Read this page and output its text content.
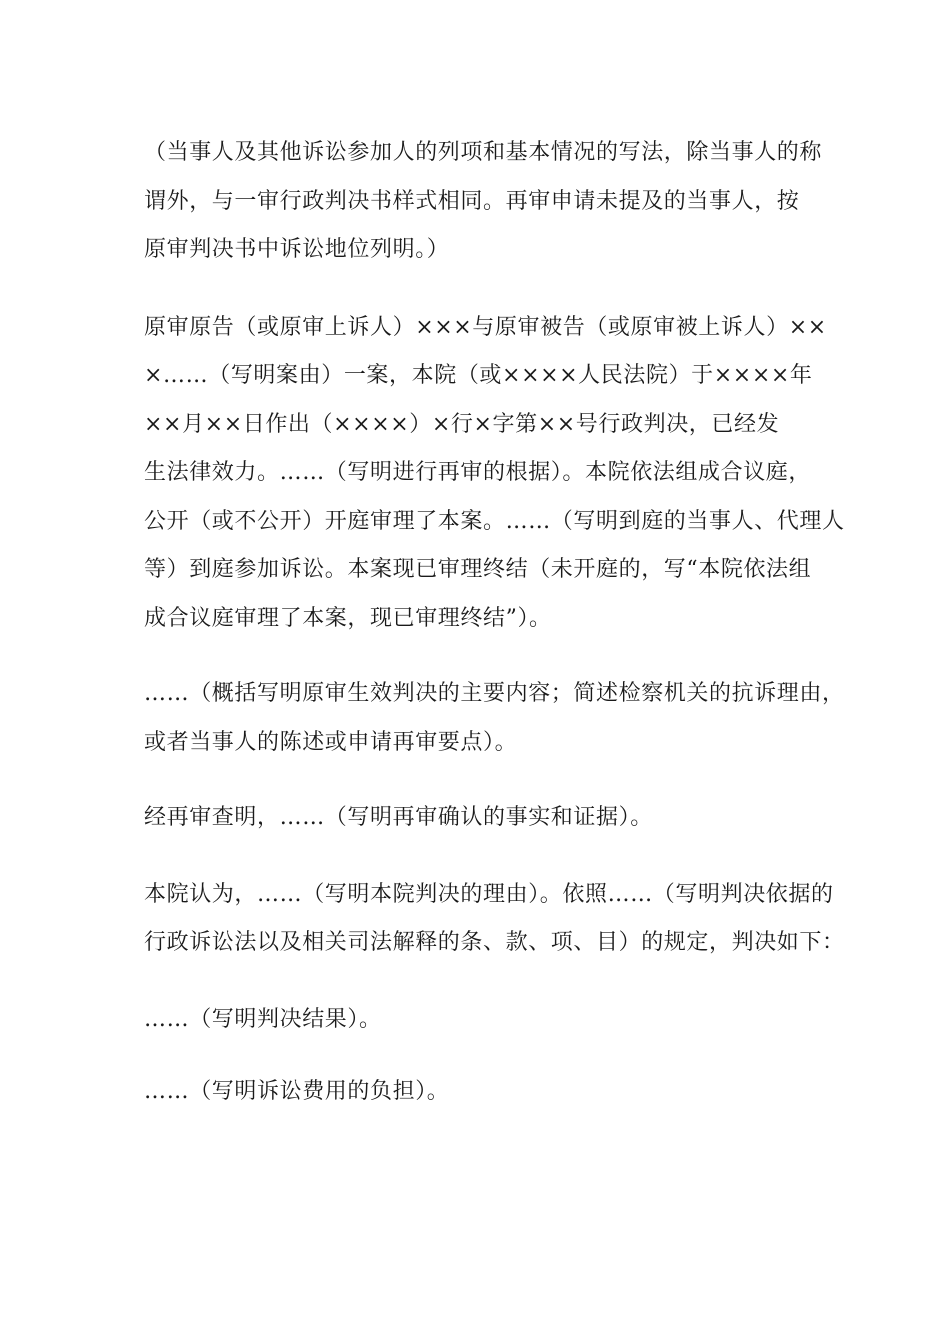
（当事人及其他诉讼参加人的列项和基本情况的写法，除当事人的称
谓外，与一审行政判决书样式相同。再审申请未提及的当事人，按
原审判决书中诉讼地位列明。）

原审原告（或原审上诉人）×××与原审被告（或原审被上诉人）××
×……（写明案由）一案，本院（或××××人民法院）于××××年
××月××日作出（××××）×行×字第××号行政判决，已经发
生法律效力。……（写明进行再审的根据）。本院依法组成合议庭，
公开（或不公开）开庭审理了本案。……（写明到庭的当事人、代理人
等）到庭参加诉讼。本案现已审理终结（未开庭的，写“本院依法组
成合议庭审理了本案，现已审理终结”）。

……（概括写明原审生效判决的主要内容；简述检察机关的抗诉理由，
或者当事人的陈述或申请再审要点）。

经再审查明，……（写明再审确认的事实和证据）。

本院认为，……（写明本院判决的理由）。依照……（写明判决依据的
行政诉讼法以及相关司法解释的条、款、项、目）的规定，判决如下：

……（写明判决结果）。

……（写明诉讼费用的负担）。
